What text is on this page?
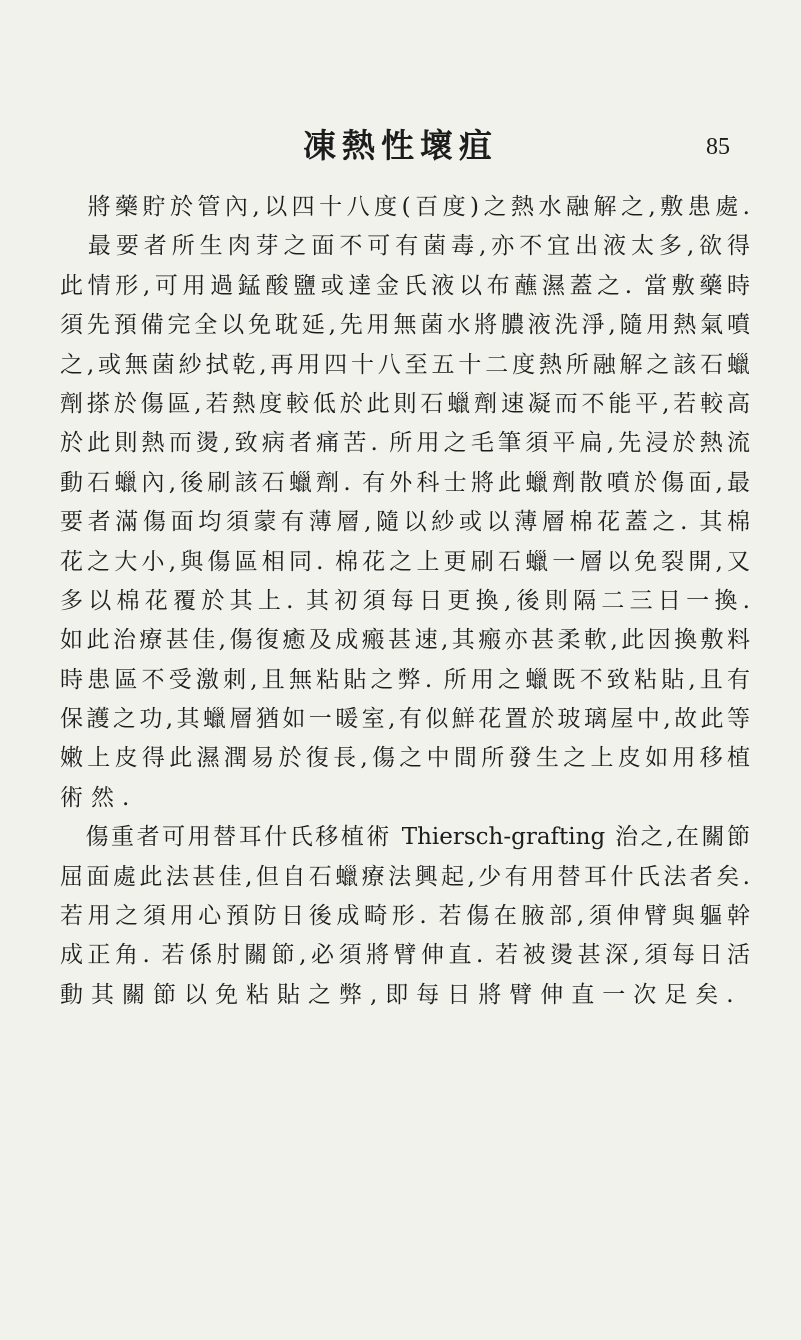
凍熱性壞疽	85
　將藥貯於管內,以四十八度(百度)之熱水融解之,敷患處.
　最要者所生肉芽之面不可有菌毒,亦不宜出液太多,欲得
此情形,可用過錳酸鹽或達金氏液以布蘸濕蓋之. 當敷藥時
須先預備完全以免耽延,先用無菌水將膿液洗淨,隨用熱氣噴
之,或無菌紗拭乾,再用四十八至五十二度熱所融解之該石蠟
劑搽於傷區,若熱度較低於此則石蠟劑速凝而不能平,若較高
於此則熱而燙,致病者痛苦. 所用之毛筆須平扁,先浸於熱流
動石蠟內,後刷該石蠟劑. 有外科士將此蠟劑散噴於傷面,最
要者滿傷面均須蒙有薄層,隨以紗或以薄層棉花蓋之. 其棉
花之大小,與傷區相同. 棉花之上更刷石蠟一層以免裂開,又
多以棉花覆於其上. 其初須每日更換,後則隔二三日一換.
如此治療甚佳,傷復癒及成瘢甚速,其瘢亦甚柔軟,此因換敷料
時患區不受激刺,且無粘貼之弊. 所用之蠟既不致粘貼,且有
保護之功,其蠟層猶如一暖室,有似鮮花置於玻璃屋中,故此等
嫩上皮得此濕潤易於復長,傷之中間所發生之上皮如用移植
術然.
　傷重者可用替耳什氏移植術 Thiersch-grafting 治之,在關節
屈面處此法甚佳,但自石蠟療法興起,少有用替耳什氏法者矣.
若用之須用心預防日後成畸形. 若傷在腋部,須伸臂與軀幹
成正角. 若係肘關節,必須將臂伸直. 若被燙甚深,須每日活
動其關節以免粘貼之弊,即每日將臂伸直一次足矣.
